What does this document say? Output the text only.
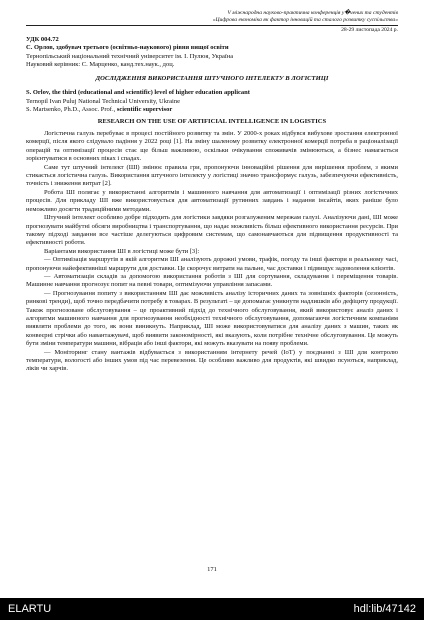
V міжнародна науково-практична конференція у�чених та студентів
«Цифрова економіка як фактор інновацій та сталого розвитку суспільства»
28-29 листопада 2024 р.

УДК 004.72

С. Орлов, здобувач третього (освітньо-наукового) рівня вищої освіти

Тернопільський національний технічний університет ім. І. Пулюя, Україна

Науковий керівник: С. Марценко, канд.тех.наук., доц.

ДОСЛІДЖЕННЯ ВИКОРИСТАННЯ ШТУЧНОГО ІНТЕЛЕКТУ В ЛОГІСТИЦІ

S. Orlov, the third (educational and scientific) level of higher education applicant

Ternopil Ivan Puluj National Technical University, Ukraine

S. Martsenko, Ph.D., Assoc. Prof., scientific supervisor

RESEARCH ON THE USE OF ARTIFICIAL INTELLIGENCE IN LOGISTICS

Логістична галузь перебуває в процесі постійного розвитку та змін. У 2000-х роках відбувся вибухове зростання електронної комерції, після якого слідувало падіння у 2022 році [1]. На зміну шаленому розвитку електронної комерції потреба в раціоналізації операцій та оптимізації процесів стає ще більш важливою, оскільки очікування споживачів змінюються, а бізнес намагається зорієнтуватися в основних піках і спадах.

Саме тут штучний інтелект (ШІ) змінює правила гри, пропонуючи інноваційні рішення для вирішення проблем, з якими стикається логістична галузь. Використання штучного інтелекту у логістиці значно трансформує галузь, забезпечуючи ефективність, точність і зниження витрат [2].

Робота ШІ полягає у використанні алгоритмів і машинного навчання для автоматизації і оптимізації різних логістичних процесів. Для прикладу ШІ вже використовується для автоматизації рутинних завдань і надання інсайтів, яких раніше було неможливо досягти традиційними методами.

Штучний інтелект особливо добре підходить для логістики завдяки розгалуженим мережам галузі. Аналізуючи дані, ШІ може прогнозувати майбутні обсяги виробництва і транспортування, що надає можливість більш ефективного використання ресурсів. При такому підході завдання все частіше делегуються цифровим системам, що самонавчаються для підвищення продуктивності та ефективності роботи.

Варіантами використання ШІ в логістиці може бути [3]:

— Оптимізація маршрутів в якій алгоритми ШІ аналізують дорожні умови, трафік, погоду та інші фактори в реальному часі, пропонуючи найефективніші маршрути для доставки. Це скорочує витрати на пальне, час доставки і підвищує задоволення клієнтів.

— Автоматизація складів за допомогою використання роботів з ШІ для сортування, складування і переміщення товарів. Машинне навчання прогнозує попит на певні товари, оптимізуючи управління запасами.

— Прогнозування попиту з використанням ШІ дає можливість аналізу історичних даних та зовнішніх факторів (сезонність, ринкові тренди), щоб точно передбачити потребу в товарах. В результаті – це допомагає уникнути надлишків або дефіциту продукції. Також прогнозоване обслуговування – це проактивний підхід до технічного обслуговування, який використовує аналіз даних і алгоритми машинного навчання для прогнозування необхідності технічного обслуговування, допомагаючи логістичним компаніям виявляти проблеми до того, як вони виникнуть. Наприклад, ШІ може використовуватися для аналізу даних з машин, таких як конвеєрні стрічки або навантажувачі, щоб виявити закономірності, які вказують, коли потрібне технічне обслуговування. Це можуть бути зміни температури машини, вібрація або інші фактори, які можуть вказувати на появу проблеми.

— Моніторинг стану вантажів відбувається з використанням інтернету речей (IoT) у поєднанні з ШІ для контролю температури, вологості або інших умов під час перевезення. Це особливо важливо для продуктів, які швидко псуються, наприклад, ліків чи харчів.

171
ELARTU	hdl:lib/47142
